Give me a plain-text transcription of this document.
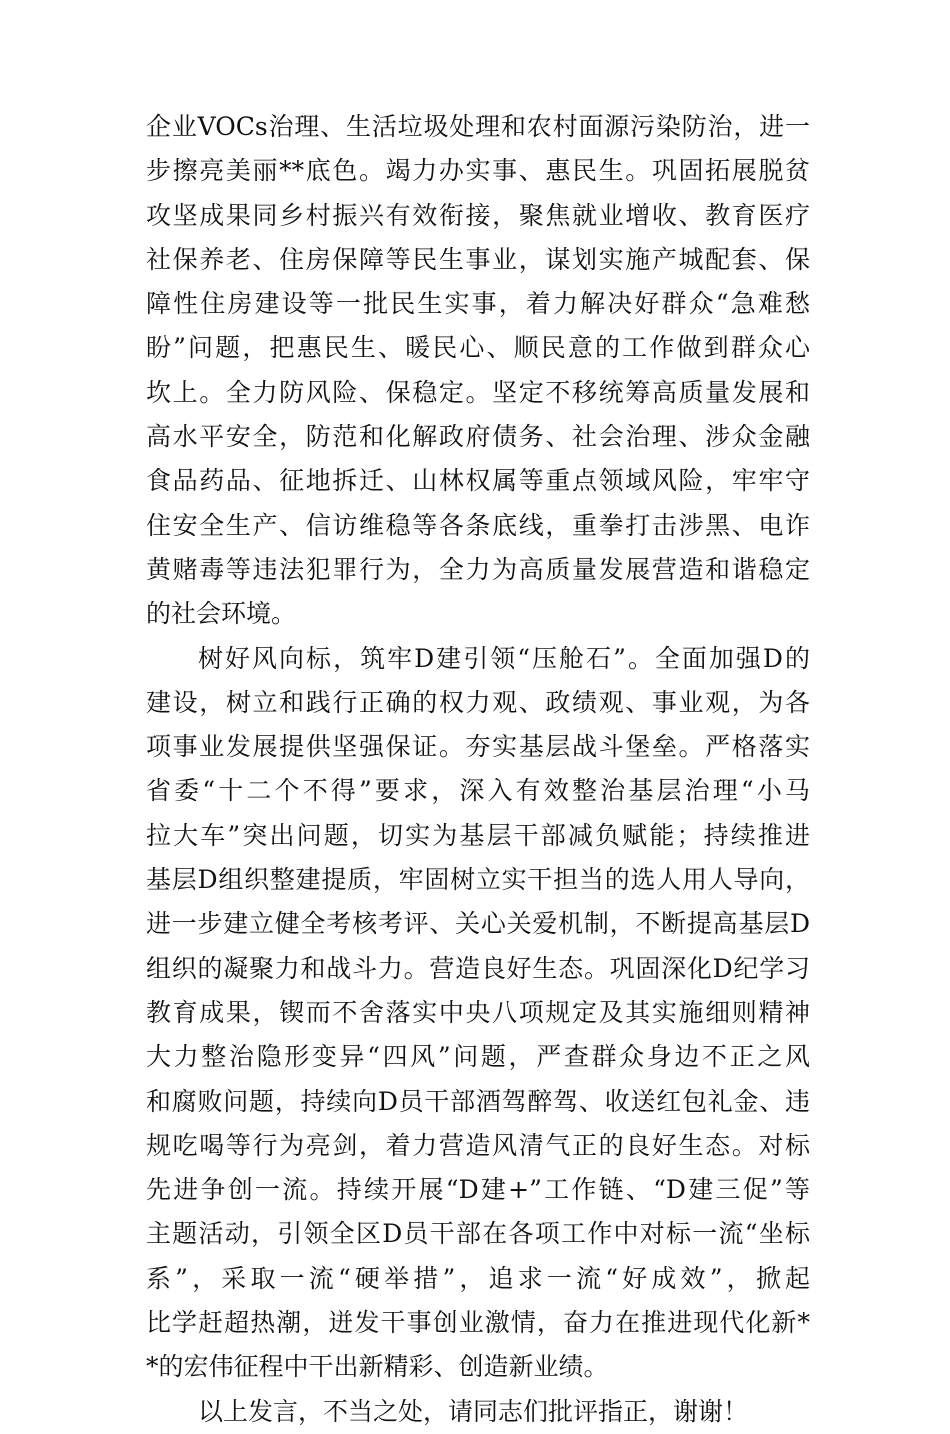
企业VOCs治理、生活垃圾处理和农村面源污染防治，进一
步擦亮美丽**底色。竭力办实事、惠民生。巩固拓展脱贫
攻坚成果同乡村振兴有效衔接，聚焦就业增收、教育医疗
社保养老、住房保障等民生事业，谋划实施产城配套、保
障性住房建设等一批民生实事，着力解决好群众“急难愁
盼”问题，把惠民生、暖民心、顺民意的工作做到群众心
坎上。全力防风险、保稳定。坚定不移统筹高质量发展和
高水平安全，防范和化解政府债务、社会治理、涉众金融
食品药品、征地拆迁、山林权属等重点领域风险，牢牢守
住安全生产、信访维稳等各条底线，重拳打击涉黑、电诈
黄赌毒等违法犯罪行为，全力为高质量发展营造和谐稳定
的社会环境。
树好风向标，筑牢D建引领“压舱石”。全面加强D的
建设，树立和践行正确的权力观、政绩观、事业观，为各
项事业发展提供坚强保证。夯实基层战斗堡垒。严格落实
省委“十二个不得”要求，深入有效整治基层治理“小马
拉大车”突出问题，切实为基层干部减负赋能；持续推进
基层D组织整建提质，牢固树立实干担当的选人用人导向，
进一步建立健全考核考评、关心关爱机制，不断提高基层D
组织的凝聚力和战斗力。营造良好生态。巩固深化D纪学习
教育成果，锲而不舍落实中央八项规定及其实施细则精神
大力整治隐形变异“四风”问题，严查群众身边不正之风
和腐败问题，持续向D员干部酒驾醉驾、收送红包礼金、违
规吃喝等行为亮剑，着力营造风清气正的良好生态。对标
先进争创一流。持续开展“D建+”工作链、“D建三促”等
主题活动，引领全区D员干部在各项工作中对标一流“坐标
系”，采取一流“硬举措”，追求一流“好成效”，掀起
比学赶超热潮，迸发干事创业激情，奋力在推进现代化新*
*的宏伟征程中干出新精彩、创造新业绩。
以上发言，不当之处，请同志们批评指正，谢谢！
